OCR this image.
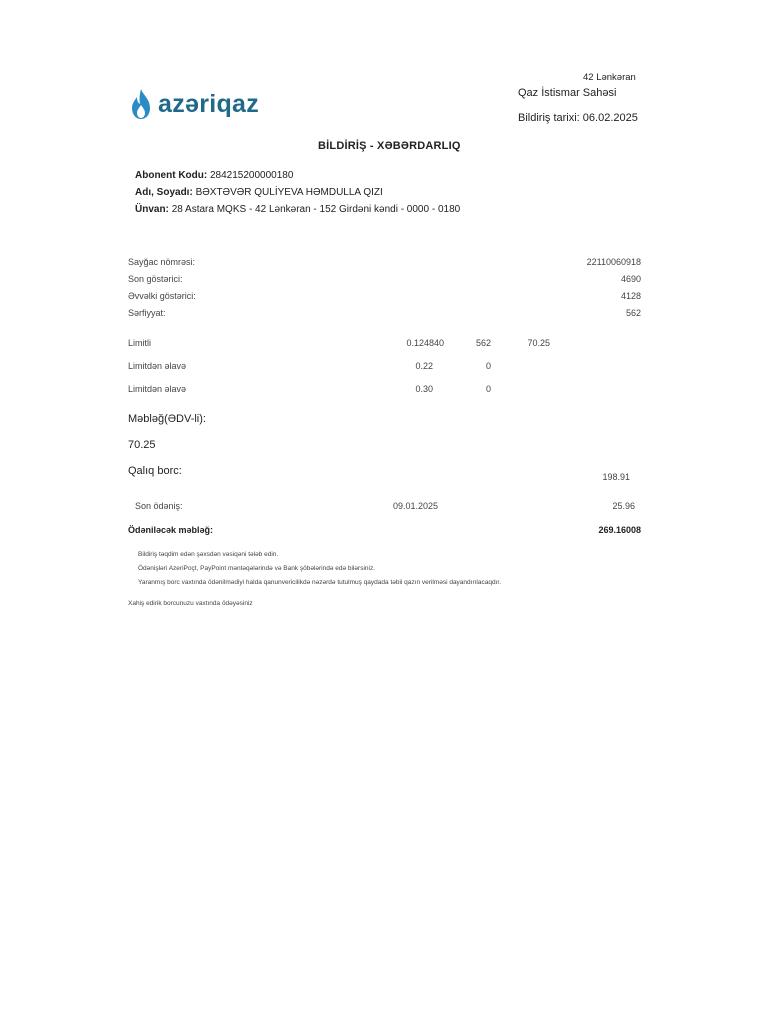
azəriqaz
42 Lənkəran
Qaz İstismar Sahəsi
Bildiriş tarixi: 06.02.2025
BİLDİRİŞ - XƏBƏRDARLIQ
Abonent Kodu: 284215200000180
Adı, Soyadı: BƏXTƏVƏR QULİYEVA HƏMDULLA QIZI
Ünvan: 28 Astara MQKS - 42 Lənkəran - 152 Girdəni kəndi - 0000 - 0180
Sayğac nömrəsi:	22110060918
Son göstərici:	4690
Əvvəlki göstərici:	4128
Sərfiyyat:	562
Limitli	0.124840	562	70.25
Limitdən əlavə	0.22	0
Limitdən əlavə	0.30	0
Məbləğ(ƏDV-li):
70.25
Qalıq borc:	198.91
Son ödəniş:	09.01.2025	25.96
Ödəniləcək məbləğ:	269.16008
Bildiriş təqdim edən şəxsdən vəsiqəni tələb edin.
Ödənişləri AzeriPoçt, PayPoint məntəqələrində və Bank şöbələrində edə bilərsiniz.
Yaranmış borc vaxtında ödənilmədiyi halda qanunvericilikdə nəzərdə tutulmuş qaydada təbii qazın verilməsi dayandırılacaqdır.
Xahiş edirik borcunuzu vaxtında ödəyəsiniz
